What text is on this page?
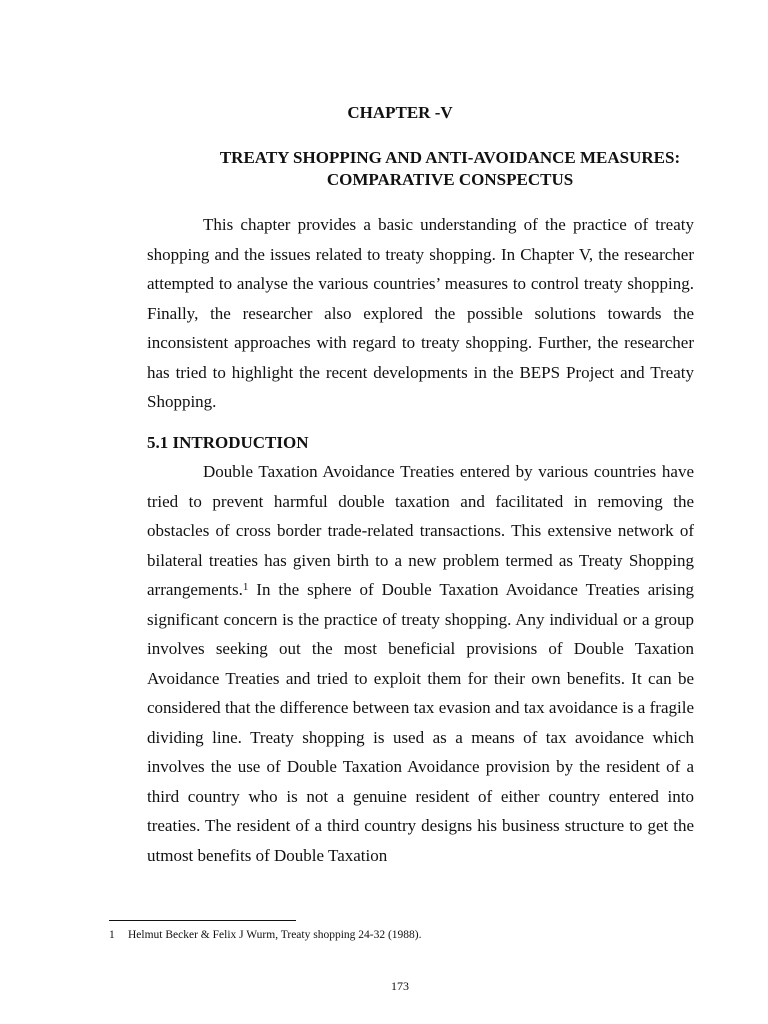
CHAPTER -V
TREATY SHOPPING AND ANTI-AVOIDANCE MEASURES:
COMPARATIVE CONSPECTUS

This chapter provides a basic understanding of the practice of treaty shopping and the issues related to treaty shopping. In Chapter V, the researcher attempted to analyse the various countries’ measures to control treaty shopping. Finally, the researcher also explored the possible solutions towards the inconsistent approaches with regard to treaty shopping. Further, the researcher has tried to highlight the recent developments in the BEPS Project and Treaty Shopping.

5.1 INTRODUCTION

Double Taxation Avoidance Treaties entered by various countries have tried to prevent harmful double taxation and facilitated in removing the obstacles of cross border trade-related transactions. This extensive network of bilateral treaties has given birth to a new problem termed as Treaty Shopping arrangements.$^1$ In the sphere of Double Taxation Avoidance Treaties arising significant concern is the practice of treaty shopping. Any individual or a group involves seeking out the most beneficial provisions of Double Taxation Avoidance Treaties and tried to exploit them for their own benefits. It can be considered that the difference between tax evasion and tax avoidance is a fragile dividing line. Treaty shopping is used as a means of tax avoidance which involves the use of Double Taxation Avoidance provision by the resident of a third country who is not a genuine resident of either country entered into treaties. The resident of a third country designs his business structure to get the utmost benefits of Double Taxation

1 Helmut Becker & Felix J Wurm, Treaty shopping 24-32 (1988).
173
